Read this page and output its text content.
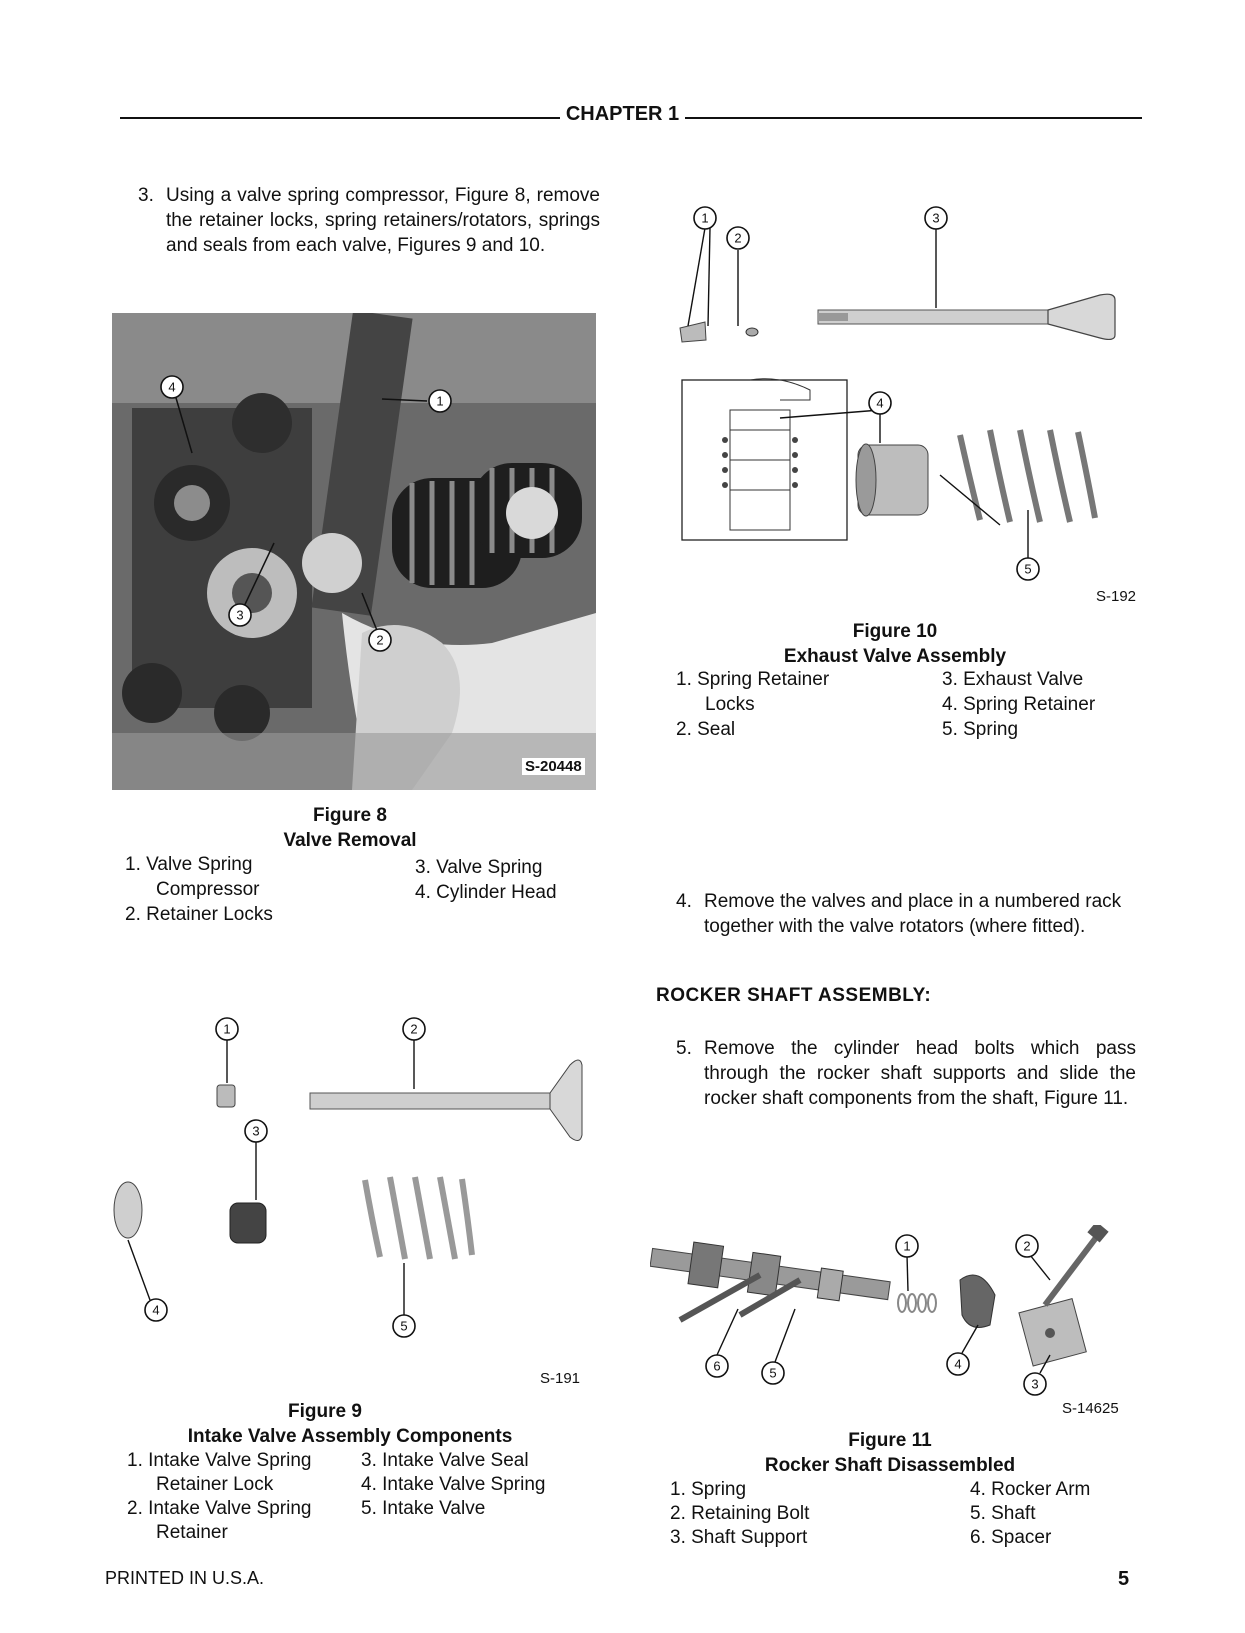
CHAPTER 1
3. Using a valve spring compressor, Figure 8, remove the retainer locks, spring retainers/rotators, springs and seals from each valve, Figures 9 and 10.
4
1
3
2
S-20448
Figure 8
Valve Removal
1. Valve Spring
Compressor
2. Retainer Locks
3. Valve Spring
4. Cylinder Head
1
2
3
4
5
S-192
Figure 10
Exhaust Valve Assembly
1. Spring Retainer
Locks
2. Seal
3. Exhaust Valve
4. Spring Retainer
5. Spring
4. Remove the valves and place in a numbered rack together with the valve rotators (where fitted).
ROCKER SHAFT ASSEMBLY:
5. Remove the cylinder head bolts which pass through the rocker shaft supports and slide the rocker shaft components from the shaft, Figure 11.
1	2
3
4
5
S-191
Figure 9
Intake Valve Assembly Components
1. Intake Valve Spring
Retainer Lock
2. Intake Valve Spring
Retainer
3. Intake Valve Seal
4. Intake Valve Spring
5. Intake Valve
1	2
4
3
6	5
S-14625
Figure 11
Rocker Shaft Disassembled
1. Spring
2. Retaining Bolt
3. Shaft Support
4. Rocker Arm
5. Shaft
6. Spacer
PRINTED IN U.S.A.	5
